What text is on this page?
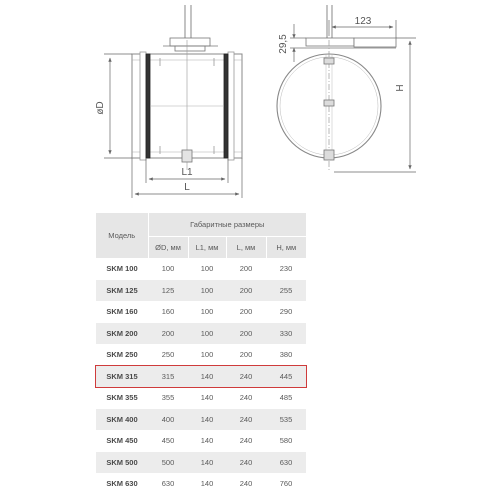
øD
L1
L
29,5
123
H
Модель	Габаритные размеры			
	ØD, мм	L1, мм	L, мм	H, мм
SKM 100	100	100	200	230
SKM 125	125	100	200	255
SKM 160	160	100	200	290
SKM 200	200	100	200	330
SKM 250	250	100	200	380
SKM 315	315	140	240	445
SKM 355	355	140	240	485
SKM 400	400	140	240	535
SKM 450	450	140	240	580
SKM 500	500	140	240	630
SKM 630	630	140	240	760
